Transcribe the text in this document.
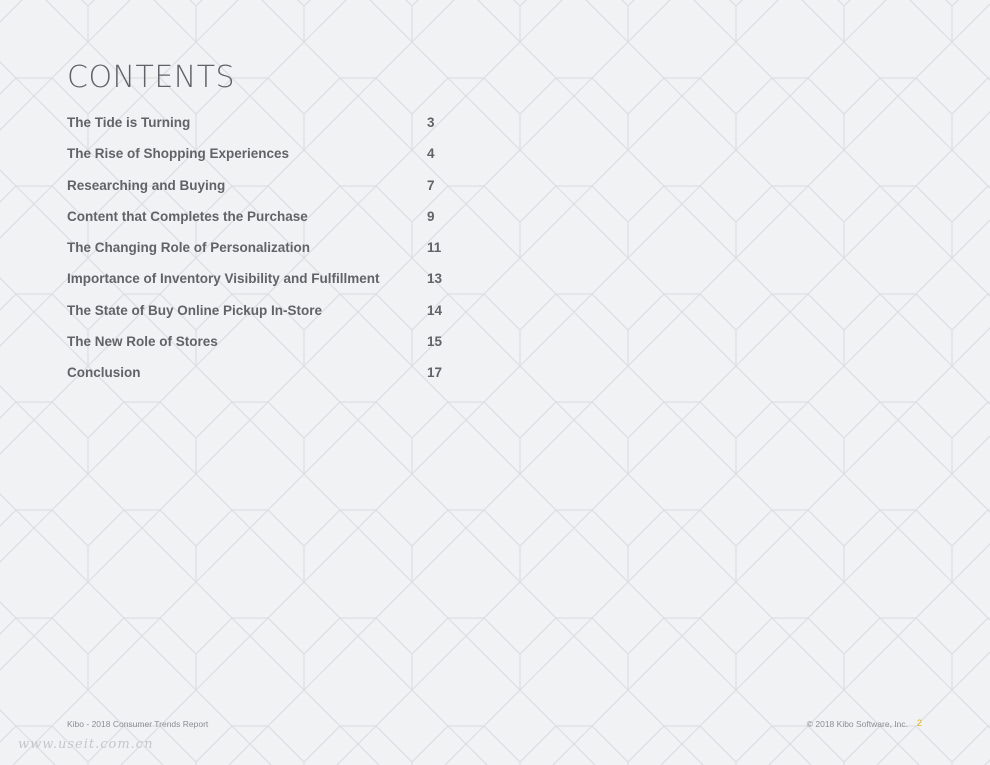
CONTENTS
The Tide is Turning	3
The Rise of Shopping Experiences	4
Researching and Buying	7
Content that Completes the Purchase	9
The Changing Role of Personalization	11
Importance of Inventory Visibility and Fulfillment	13
The State of Buy Online Pickup In-Store	14
The New Role of Stores	15
Conclusion	17
Kibo - 2018 Consumer Trends Report	© 2018 Kibo Software, Inc. 2
www.useit.com.cn
